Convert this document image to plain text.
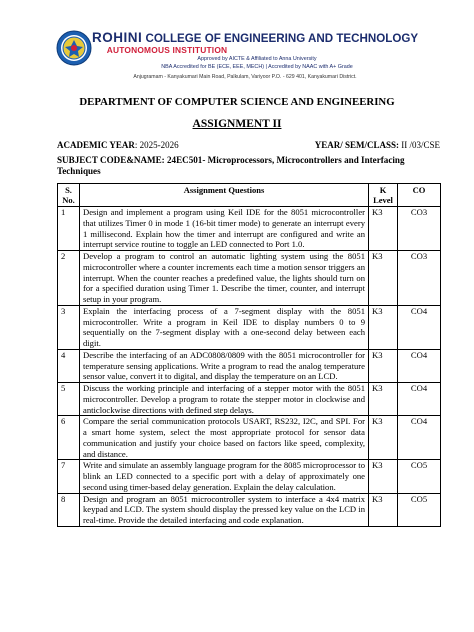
ROHINI COLLEGE OF ENGINEERING AND TECHNOLOGY
AUTONOMOUS INSTITUTION
Approved by AICTE & Affiliated to Anna University
NBA Accredited for BE (ECE, EEE, MECH) | Accredited by NAAC with A+ Grade
Anjugramam - Kanyakumari Main Road, Palkulam, Variyoor P.O. - 629 401, Kanyakumari District.
DEPARTMENT OF COMPUTER SCIENCE AND ENGINEERING
ASSIGNMENT II
ACADEMIC YEAR: 2025-2026	YEAR/ SEM/CLASS: II /03/CSE
SUBJECT CODE&NAME: 24EC501- Microprocessors, Microcontrollers and Interfacing Techniques
S. No.	Assignment Questions	K Level	CO
1	Design and implement a program using Keil IDE for the 8051 microcontroller that utilizes Timer 0 in mode 1 (16-bit timer mode) to generate an interrupt every 1 millisecond. Explain how the timer and interrupt are configured and write an interrupt service routine to toggle an LED connected to Port 1.0.	K3	CO3
2	Develop a program to control an automatic lighting system using the 8051 microcontroller where a counter increments each time a motion sensor triggers an interrupt. When the counter reaches a predefined value, the lights should turn on for a specified duration using Timer 1. Describe the timer, counter, and interrupt setup in your program.	K3	CO3
3	Explain the interfacing process of a 7-segment display with the 8051 microcontroller. Write a program in Keil IDE to display numbers 0 to 9 sequentially on the 7-segment display with a one-second delay between each digit.	K3	CO4
4	Describe the interfacing of an ADC0808/0809 with the 8051 microcontroller for temperature sensing applications. Write a program to read the analog temperature sensor value, convert it to digital, and display the temperature on an LCD.	K3	CO4
5	Discuss the working principle and interfacing of a stepper motor with the 8051 microcontroller. Develop a program to rotate the stepper motor in clockwise and anticlockwise directions with defined step delays.	K3	CO4
6	Compare the serial communication protocols USART, RS232, I2C, and SPI. For a smart home system, select the most appropriate protocol for sensor data communication and justify your choice based on factors like speed, complexity, and distance.	K3	CO4
7	Write and simulate an assembly language program for the 8085 microprocessor to blink an LED connected to a specific port with a delay of approximately one second using timer-based delay generation. Explain the delay calculation.	K3	CO5
8	Design and program an 8051 microcontroller system to interface a 4x4 matrix keypad and LCD. The system should display the pressed key value on the LCD in real-time. Provide the detailed interfacing and code explanation.	K3	CO5
